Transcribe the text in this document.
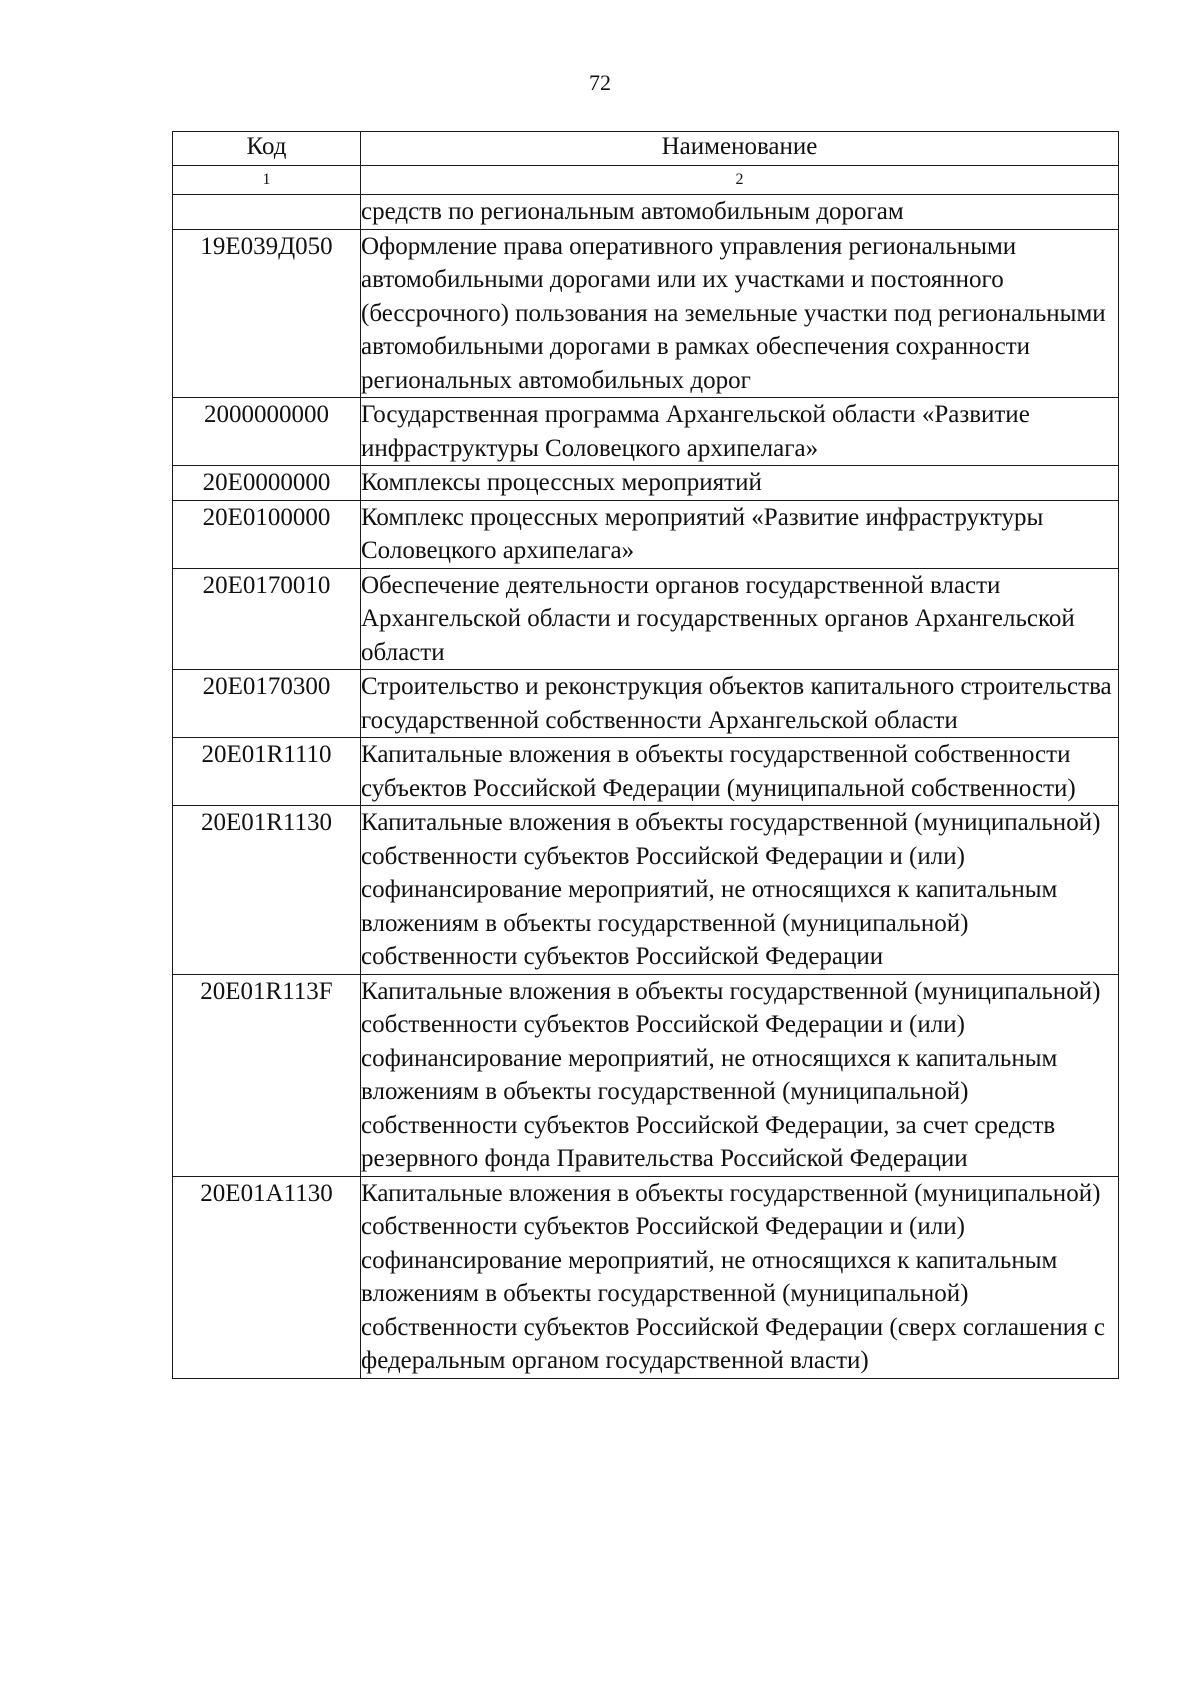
72
Код	Наименование
1	2
	средств по региональным автомобильным дорогам
19Е039Д050	Оформление права оперативного управления региональными автомобильными дорогами или их участками и постоянного (бессрочного) пользования на земельные участки под региональными автомобильными дорогами в рамках обеспечения сохранности региональных автомобильных дорог
2000000000	Государственная программа Архангельской области «Развитие инфраструктуры Соловецкого архипелага»
20Е0000000	Комплексы процессных мероприятий
20Е0100000	Комплекс процессных мероприятий «Развитие инфраструктуры Соловецкого архипелага»
20Е0170010	Обеспечение деятельности органов государственной власти Архангельской области и государственных органов Архангельской области
20Е0170300	Строительство и реконструкция объектов капитального строительства государственной собственности Архангельской области
20Е01R1110	Капитальные вложения в объекты государственной собственности субъектов Российской Федерации (муниципальной собственности)
20Е01R1130	Капитальные вложения в объекты государственной (муниципальной) собственности субъектов Российской Федерации и (или) софинансирование мероприятий, не относящихся к капитальным вложениям в объекты государственной (муниципальной) собственности субъектов Российской Федерации
20Е01R113F	Капитальные вложения в объекты государственной (муниципальной) собственности субъектов Российской Федерации и (или) софинансирование мероприятий, не относящихся к капитальным вложениям в объекты государственной (муниципальной) собственности субъектов Российской Федерации, за счет средств резервного фонда Правительства Российской Федерации
20Е01А1130	Капитальные вложения в объекты государственной (муниципальной) собственности субъектов Российской Федерации и (или) софинансирование мероприятий, не относящихся к капитальным вложениям в объекты государственной (муниципальной) собственности субъектов Российской Федерации (сверх соглашения с федеральным органом государственной власти)
